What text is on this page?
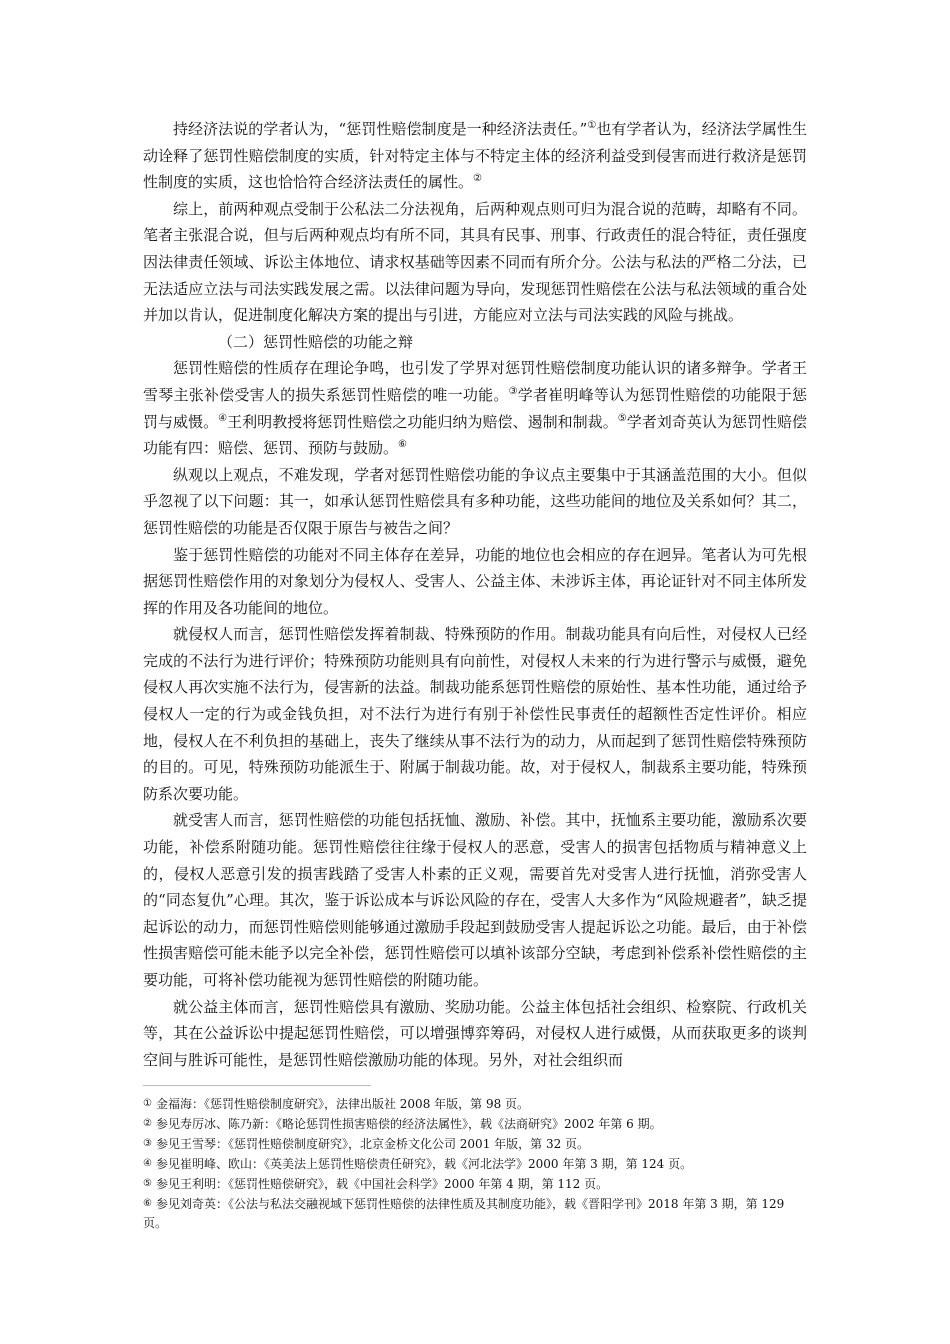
持经济法说的学者认为，“惩罚性赔偿制度是一种经济法责任。”①也有学者认为，经济法学属性生动诠释了惩罚性赔偿制度的实质，针对特定主体与不特定主体的经济利益受到侵害而进行救济是惩罚性制度的实质，这也恰恰符合经济法责任的属性。②

综上，前两种观点受制于公私法二分法视角，后两种观点则可归为混合说的范畴，却略有不同。笔者主张混合说，但与后两种观点均有所不同，其具有民事、刑事、行政责任的混合特征，责任强度因法律责任领域、诉讼主体地位、请求权基础等因素不同而有所介分。公法与私法的严格二分法，已无法适应立法与司法实践发展之需。以法律问题为导向，发现惩罚性赔偿在公法与私法领域的重合处并加以肯认，促进制度化解决方案的提出与引进，方能应对立法与司法实践的风险与挑战。

（二）惩罚性赔偿的功能之辩

惩罚性赔偿的性质存在理论争鸣，也引发了学界对惩罚性赔偿制度功能认识的诸多辩争。学者王雪琴主张补偿受害人的损失系惩罚性赔偿的唯一功能。③学者崔明峰等认为惩罚性赔偿的功能限于惩罚与威慑。④王利明教授将惩罚性赔偿之功能归纳为赔偿、遏制和制裁。⑤学者刘奇英认为惩罚性赔偿功能有四：赔偿、惩罚、预防与鼓励。⑥

纵观以上观点，不难发现，学者对惩罚性赔偿功能的争议点主要集中于其涵盖范围的大小。但似乎忽视了以下问题：其一，如承认惩罚性赔偿具有多种功能，这些功能间的地位及关系如何？其二，惩罚性赔偿的功能是否仅限于原告与被告之间？

鉴于惩罚性赔偿的功能对不同主体存在差异，功能的地位也会相应的存在迥异。笔者认为可先根据惩罚性赔偿作用的对象划分为侵权人、受害人、公益主体、未涉诉主体，再论证针对不同主体所发挥的作用及各功能间的地位。

就侵权人而言，惩罚性赔偿发挥着制裁、特殊预防的作用。制裁功能具有向后性，对侵权人已经完成的不法行为进行评价；特殊预防功能则具有向前性，对侵权人未来的行为进行警示与威慑，避免侵权人再次实施不法行为，侵害新的法益。制裁功能系惩罚性赔偿的原始性、基本性功能，通过给予侵权人一定的行为或金钱负担，对不法行为进行有别于补偿性民事责任的超额性否定性评价。相应地，侵权人在不利负担的基础上，丧失了继续从事不法行为的动力，从而起到了惩罚性赔偿特殊预防的目的。可见，特殊预防功能派生于、附属于制裁功能。故，对于侵权人，制裁系主要功能，特殊预防系次要功能。

就受害人而言，惩罚性赔偿的功能包括抚恤、激励、补偿。其中，抚恤系主要功能，激励系次要功能，补偿系附随功能。惩罚性赔偿往往缘于侵权人的恶意，受害人的损害包括物质与精神意义上的，侵权人恶意引发的损害践踏了受害人朴素的正义观，需要首先对受害人进行抚恤，消弥受害人的“同态复仇”心理。其次，鉴于诉讼成本与诉讼风险的存在，受害人大多作为“风险规避者”，缺乏提起诉讼的动力，而惩罚性赔偿则能够通过激励手段起到鼓励受害人提起诉讼之功能。最后，由于补偿性损害赔偿可能未能予以完全补偿，惩罚性赔偿可以填补该部分空缺，考虑到补偿系补偿性赔偿的主要功能，可将补偿功能视为惩罚性赔偿的附随功能。

就公益主体而言，惩罚性赔偿具有激励、奖励功能。公益主体包括社会组织、检察院、行政机关等，其在公益诉讼中提起惩罚性赔偿，可以增强博弈筹码，对侵权人进行威慑，从而获取更多的谈判空间与胜诉可能性，是惩罚性赔偿激励功能的体现。另外，对社会组织而

① 金福海：《惩罚性赔偿制度研究》，法律出版社 2008 年版，第 98 页。

② 参见寿厉冰、陈乃新：《略论惩罚性损害赔偿的经济法属性》，载《法商研究》2002 年第 6 期。

③ 参见王雪琴：《惩罚性赔偿制度研究》，北京金桥文化公司 2001 年版，第 32 页。

④ 参见崔明峰、欧山：《英美法上惩罚性赔偿责任研究》，载《河北法学》2000 年第 3 期，第 124 页。

⑤ 参见王利明：《惩罚性赔偿研究》，载《中国社会科学》2000 年第 4 期，第 112 页。

⑥ 参见刘奇英：《公法与私法交融视域下惩罚性赔偿的法律性质及其制度功能》，载《晋阳学刊》2018 年第 3 期，第 129 页。
